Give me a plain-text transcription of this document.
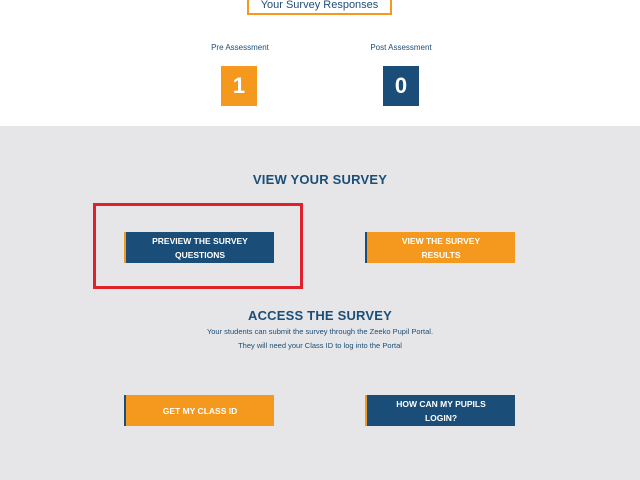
Your Survey Responses
Pre Assessment
1
Post Assessment
0
VIEW YOUR SURVEY
PREVIEW THE SURVEY QUESTIONS
VIEW THE SURVEY RESULTS
ACCESS THE SURVEY
Your students can submit the survey through the Zeeko Pupil Portal.
They will need your Class ID to log into the Portal
GET MY CLASS ID
HOW CAN MY PUPILS LOGIN?
